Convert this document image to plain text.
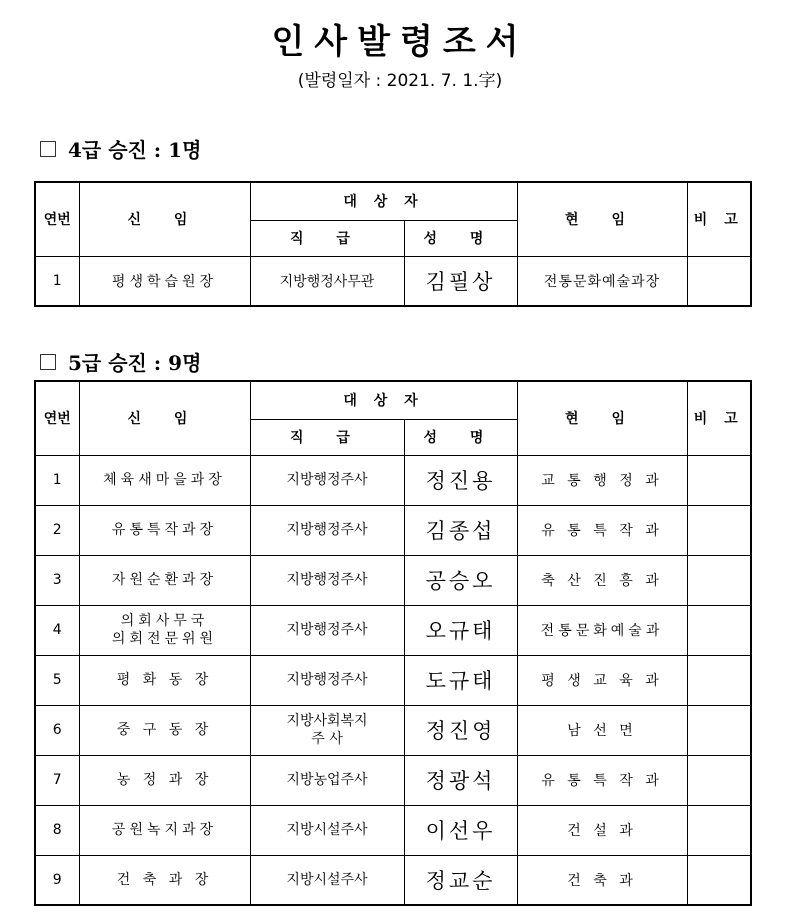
인사발령조서
(발령일자 : 2021. 7. 1.字)
4급 승진 : 1명
연번	신 임	대 상 자		현 임	비 고
		직 급	성 명		
1	평생학습원장	지방행정사무관	김필상	전통문화예술과장	
5급 승진 : 9명
연번	신 임	대 상 자		현 임	비 고
		직 급	성 명		
1	체육새마을과장	지방행정주사	정진용	교 통 행 정 과	
2	유통특작과장	지방행정주사	김종섭	유 통 특 작 과	
3	자원순환과장	지방행정주사	공승오	축 산 진 흥 과	
4	의회사무국
의회전문위원	지방행정주사	오규태	전통문화예술과	
5	평 화 동 장	지방행정주사	도규태	평 생 교 육 과	
6	중 구 동 장	지방사회복지
주 사	정진영	남 선 면	
7	농 정 과 장	지방농업주사	정광석	유 통 특 작 과	
8	공원녹지과장	지방시설주사	이선우	건 설 과	
9	건 축 과 장	지방시설주사	정교순	건 축 과	
